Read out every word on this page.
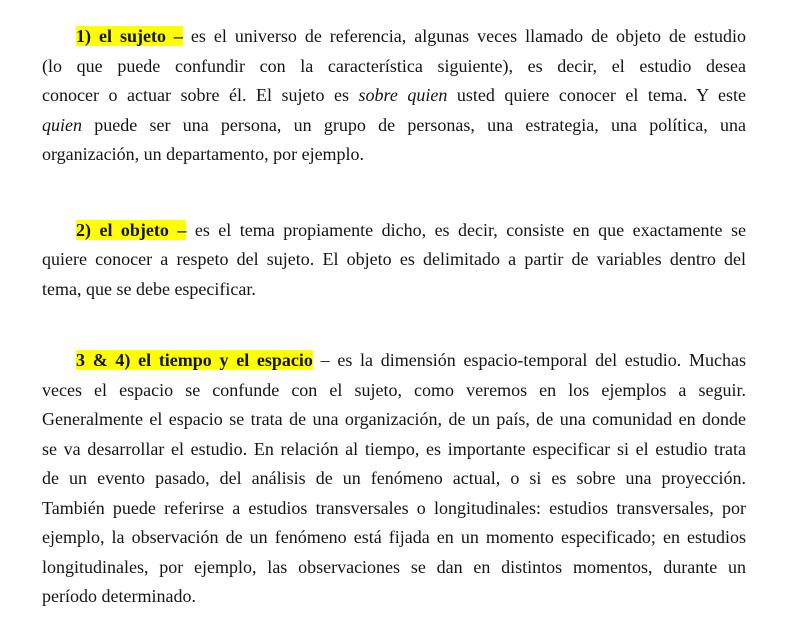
1) el sujeto – es el universo de referencia, algunas veces llamado de objeto de estudio
(lo que puede confundir con la característica siguiente), es decir, el estudio desea
conocer o actuar sobre él. El sujeto es sobre quien usted quiere conocer el tema. Y este
quien puede ser una persona, un grupo de personas, una estrategia, una política, una
organización, un departamento, por ejemplo.

2) el objeto – es el tema propiamente dicho, es decir, consiste en que exactamente se
quiere conocer a respeto del sujeto. El objeto es delimitado a partir de variables dentro del
tema, que se debe especificar.

3 & 4) el tiempo y el espacio – es la dimensión espacio-temporal del estudio. Muchas
veces el espacio se confunde con el sujeto, como veremos en los ejemplos a seguir.
Generalmente el espacio se trata de una organización, de un país, de una comunidad en donde
se va desarrollar el estudio. En relación al tiempo, es importante especificar si el estudio trata
de un evento pasado, del análisis de un fenómeno actual, o si es sobre una proyección.
También puede referirse a estudios transversales o longitudinales: estudios transversales, por
ejemplo, la observación de un fenómeno está fijada en un momento especificado; en estudios
longitudinales, por ejemplo, las observaciones se dan en distintos momentos, durante un
período determinado.
